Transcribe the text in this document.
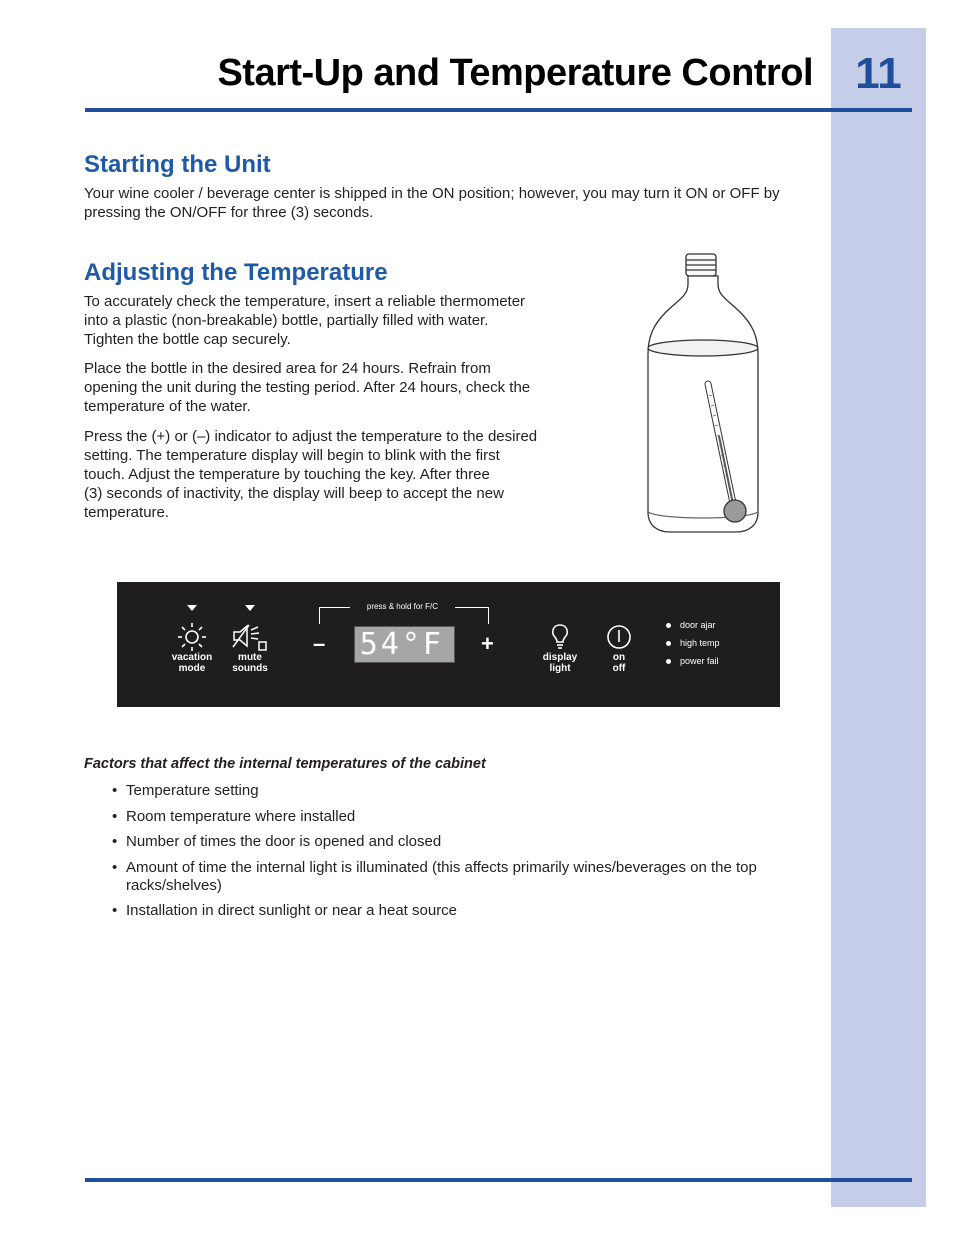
11
Start-Up and Temperature Control
Starting the Unit

Your wine cooler / beverage center is shipped in the ON position; however, you may turn it ON or OFF by
pressing the ON/OFF for three (3) seconds.

Adjusting the Temperature

To accurately check the temperature, insert a reliable thermometer
into a plastic (non-breakable) bottle, partially filled with water.
Tighten the bottle cap securely.

Place the bottle in the desired area for 24 hours. Refrain from
opening the unit during the testing period. After 24 hours, check the
temperature of the water.

Press the (+) or (–) indicator to adjust the temperature to the desired
setting. The temperature display will begin to blink with the first
touch. Adjust the temperature by touching the key. After three
(3) seconds of inactivity, the display will beep to accept the new
temperature.

vacation
mode
mute
sounds
press & hold for F/C
– 54°F +
display
light
on
off
door ajar
high temp
power fail
Factors that affect the internal temperatures of the cabinet
• Temperature setting
• Room temperature where installed
• Number of times the door is opened and closed
• Amount of time the internal light is illuminated (this affects primarily wines/beverages on the top racks/shelves)
• Installation in direct sunlight or near a heat source
